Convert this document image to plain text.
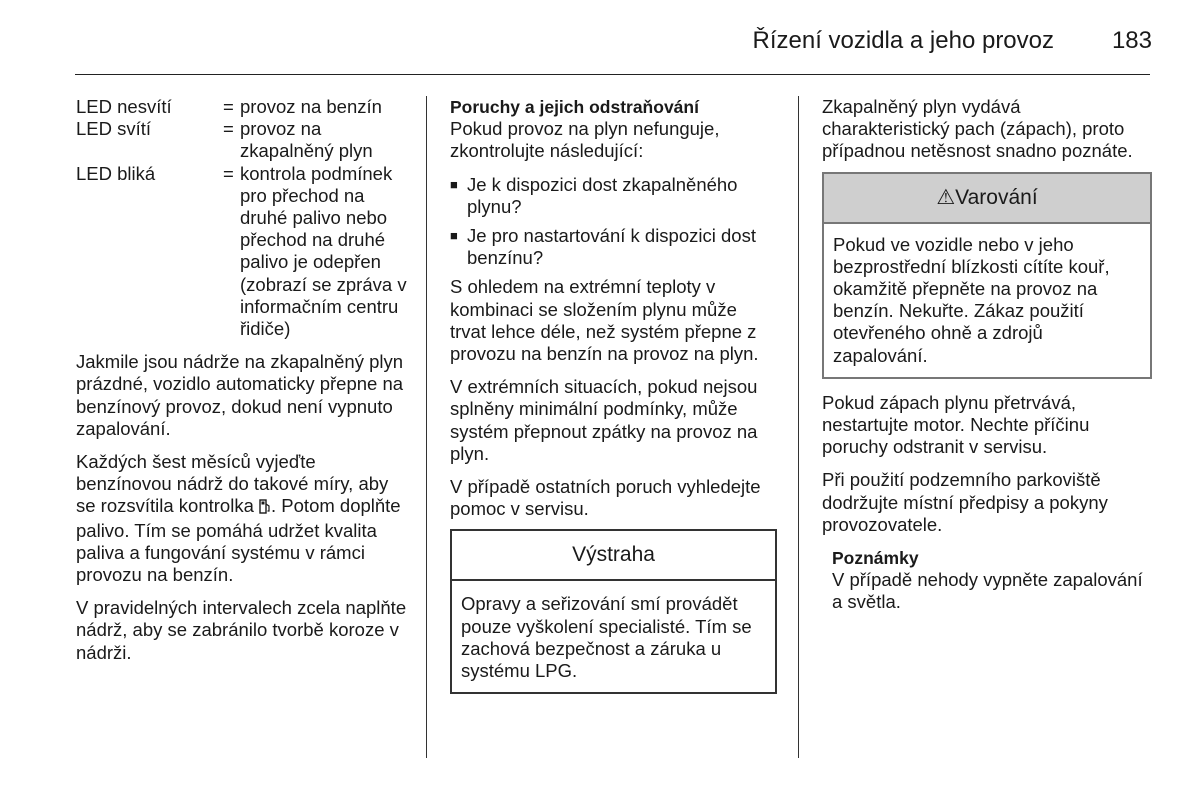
Řízení vozidla a jeho provoz 183
LED nesvítí	= provoz na benzín
LED svítí	= provoz na zkapalněný plyn
LED bliká	= kontrola podmínek pro přechod na druhé palivo nebo přechod na druhé palivo je odepřen (zobrazí se zpráva v informačním centru řidiče)

Jakmile jsou nádrže na zkapalněný plyn prázdné, vozidlo automaticky přepne na benzínový provoz, dokud není vypnuto zapalování.

Každých šest měsíců vyjeďte benzínovou nádrž do takové míry, aby se rozsvítila kontrolka . Potom doplňte palivo. Tím se pomáhá udržet kvalita paliva a fungování systému v rámci provozu na benzín.

V pravidelných intervalech zcela naplňte nádrž, aby se zabránilo tvorbě koroze v nádrži.

Poruchy a jejich odstraňování

Pokud provoz na plyn nefunguje, zkontrolujte následující:

■ Je k dispozici dost zkapalněného plynu?
■ Je pro nastartování k dispozici dost benzínu?

S ohledem na extrémní teploty v kombinaci se složením plynu může trvat lehce déle, než systém přepne z provozu na benzín na provoz na plyn.

V extrémních situacích, pokud nejsou splněny minimální podmínky, může systém přepnout zpátky na provoz na plyn.

V případě ostatních poruch vyhledejte pomoc v servisu.

Výstraha
Opravy a seřizování smí provádět pouze vyškolení specialisté. Tím se zachová bezpečnost a záruka u systému LPG.

Zkapalněný plyn vydává charakteristický pach (zápach), proto případnou netěsnost snadno poznáte.

⚠Varování
Pokud ve vozidle nebo v jeho bezprostřední blízkosti cítíte kouř, okamžitě přepněte na provoz na benzín. Nekuřte. Zákaz použití otevřeného ohně a zdrojů zapalování.

Pokud zápach plynu přetrvává, nestartujte motor. Nechte příčinu poruchy odstranit v servisu.

Při použití podzemního parkoviště dodržujte místní předpisy a pokyny provozovatele.

Poznámky
V případě nehody vypněte zapalování a světla.
